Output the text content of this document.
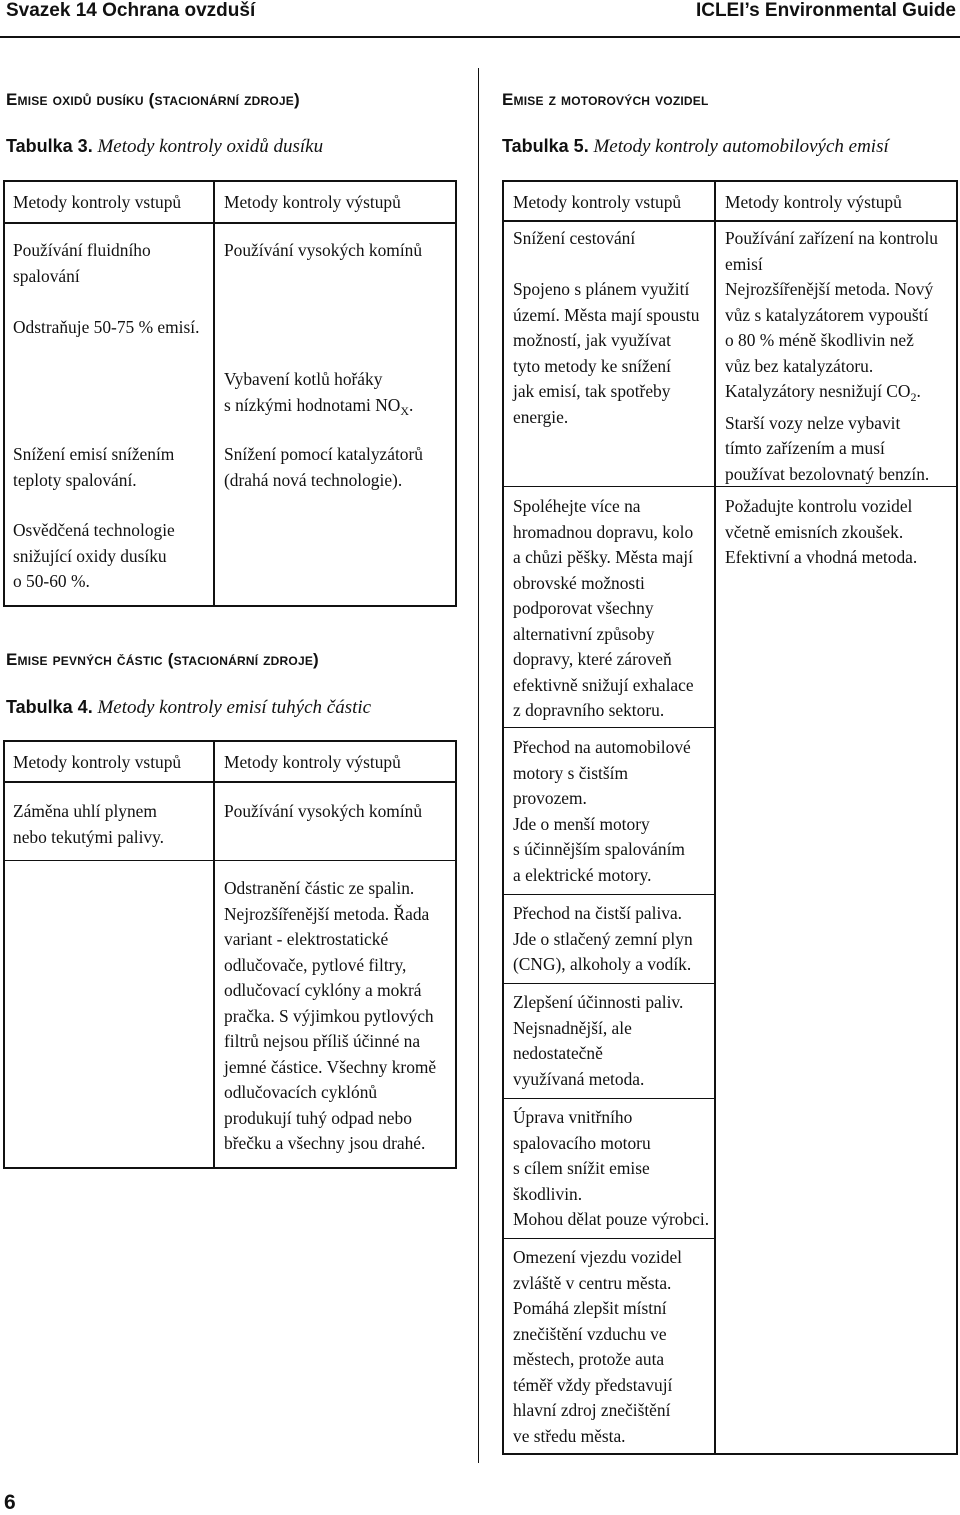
Svazek 14 Ochrana ovzduší	ICLEI’s Environmental Guide
Emise oxidů dusíku (stacionární zdroje)
Tabulka 3. Metody kontroly oxidů dusíku
Metody kontroly vstupů Metody kontroly výstupů
Používání fluidního
spalování
Odstraňuje 50-75 % emisí.
Snížení emisí snížením
teploty spalování.
Osvědčená technologie
snižující oxidy dusíku
o 50-60 %.
Používání vysokých komínů
Vybavení kotlů hořáky
s nízkými hodnotami $NO_X$.
Snížení pomocí katalyzátorů
(drahá nová technologie).
Emise pevných částic (stacionární zdroje)
Tabulka 4. Metody kontroly emisí tuhých částic
Metody kontroly vstupů Metody kontroly výstupů
Záměna uhlí plynem
nebo tekutými palivy.
Používání vysokých komínů
Odstranění částic ze spalin.
Nejrozšířenější metoda. Řada
variant - elektrostatické
odlučovače, pytlové filtry,
odlučovací cyklóny a mokrá
pračka. S výjimkou pytlových
filtrů nejsou příliš účinné na
jemné částice. Všechny kromě
odlučovacích cyklónů
produkují tuhý odpad nebo
břečku a všechny jsou drahé.
Emise z motorových vozidel
Tabulka 5. Metody kontroly automobilových emisí
Metody kontroly vstupů	Metody kontroly výstupů
Snížení cestování
Spojeno s plánem využití
území. Města mají spoustu
možností, jak využívat
tyto metody ke snížení
jak emisí, tak spotřeby
energie.
Používání zařízení na kontrolu
emisí
Nejrozšířenější metoda. Nový
vůz s katalyzátorem vypouští
o 80 % méně škodlivin než
vůz bez katalyzátoru.
Katalyzátory nesnižují $CO_2$.
Starší vozy nelze vybavit
tímto zařízením a musí
používat bezolovnatý benzín.
Spoléhejte více na
hromadnou dopravu, kolo
a chůzi pěšky. Města mají
obrovské možnosti
podporovat všechny
alternativní způsoby
dopravy, které zároveň
efektivně snižují exhalace
z dopravního sektoru.
Požadujte kontrolu vozidel
včetně emisních zkoušek.
Efektivní a vhodná metoda.
Přechod na automobilové
motory s čistším
provozem.
Jde o menší motory
s účinnějším spalováním
a elektrické motory.
Přechod na čistší paliva.
Jde o stlačený zemní plyn
(CNG), alkoholy a vodík.
Zlepšení účinnosti paliv.
Nejsnadnější, ale
nedostatečně
využívaná metoda.
Úprava vnitřního
spalovacího motoru
s cílem snížit emise
škodlivin.
Mohou dělat pouze výrobci.
Omezení vjezdu vozidel
zvláště v centru města.
Pomáhá zlepšit místní
znečištění vzduchu ve
městech, protože auta
téměř vždy představují
hlavní zdroj znečištění
ve středu města.
6
